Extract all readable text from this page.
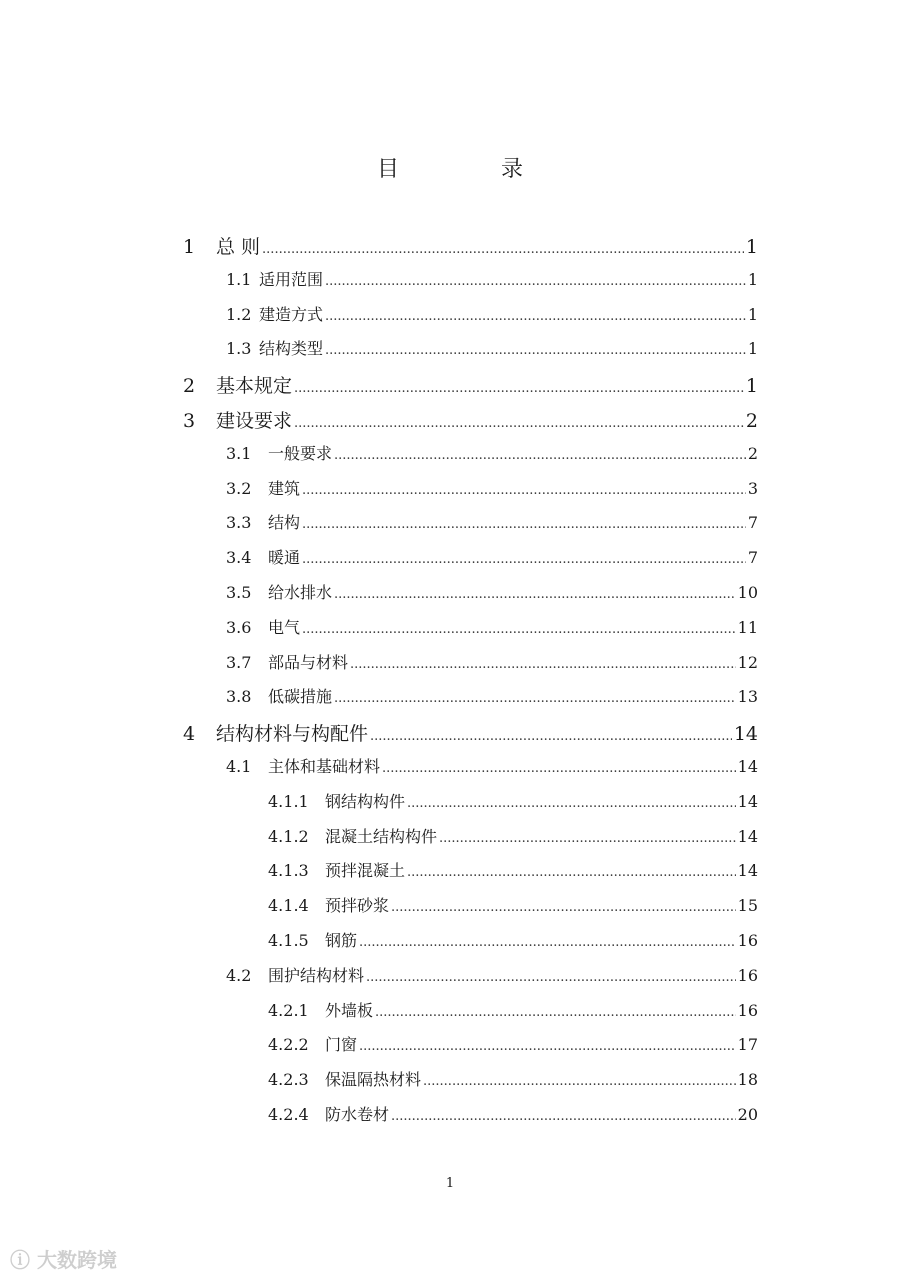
目　录
1	总 则 .....	1
1.1 适用范围 .....	1
1.2 建造方式 .....	1
1.3 结构类型 .....	1
2	基本规定 .....	1
3	建设要求 .....	2
3.1	一般要求 .....	2
3.2	建筑 .....	3
3.3	结构 .....	7
3.4	暖通 .....	7
3.5	给水排水 .....	10
3.6	电气 .....	11
3.7	部品与材料 .....	12
3.8	低碳措施 .....	13
4	结构材料与构配件 .....	14
4.1	主体和基础材料 .....	14
4.1.1	钢结构构件 .....	14
4.1.2	混凝土结构构件 .....	14
4.1.3	预拌混凝土 .....	14
4.1.4	预拌砂浆 .....	15
4.1.5	钢筋 .....	16
4.2	围护结构材料 .....	16
4.2.1	外墙板 .....	16
4.2.2	门窗 .....	17
4.2.3	保温隔热材料 .....	18
4.2.4	防水卷材 .....	20
1
ⓘ 大数跨境
